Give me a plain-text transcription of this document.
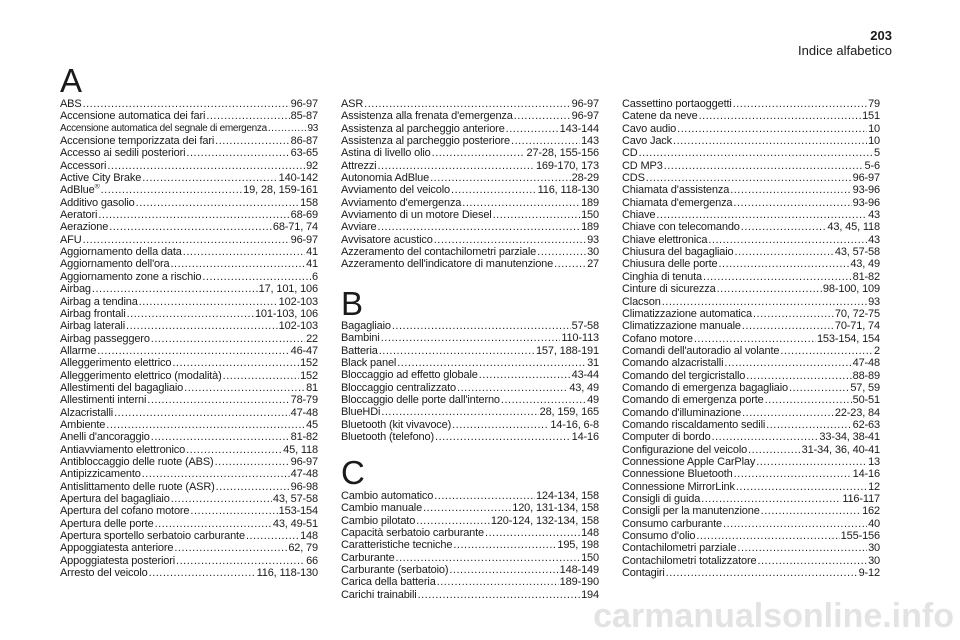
203
Indice alfabetico
A
ABS .....	96-97
Accensione automatica dei fari .....	85-87
Accensione automatica del segnale di emergenza .....	93
Accensione temporizzata dei fari .....	86-87
Accesso ai sedili posteriori .....	63-65
Accessori .....	92
Active City Brake .....	140-142
AdBlue® .....	19, 28, 159-161
Additivo gasolio .....	158
Aeratori .....	68-69
Aerazione .....	68-71, 74
AFU .....	96-97
Aggiornamento della data .....	41
Aggiornamento dell'ora .....	41
Aggiornamento zone a rischio .....	6
Airbag .....	17, 101, 106
Airbag a tendina .....	102-103
Airbag frontali .....	101-103, 106
Airbag laterali .....	102-103
Airbag passeggero .....	22
Allarme .....	46-47
Alleggerimento elettrico .....	152
Alleggerimento elettrico (modalità) .....	152
Allestimenti del bagagliaio .....	81
Allestimenti interni .....	78-79
Alzacristalli .....	47-48
Ambiente .....	45
Anelli d'ancoraggio .....	81-82
Antiavviamento elettronico .....	45, 118
Antibloccaggio delle ruote (ABS) .....	96-97
Antipizzicamento .....	47-48
Antislittamento delle ruote (ASR) .....	96-98
Apertura del bagagliaio .....	43, 57-58
Apertura del cofano motore .....	153-154
Apertura delle porte .....	43, 49-51
Apertura sportello serbatoio carburante .....	148
Appoggiatesta anteriore .....	62, 79
Appoggiatesta posteriori .....	66
Arresto del veicolo .....	116, 118-130
ASR .....	96-97
Assistenza alla frenata d'emergenza .....	96-97
Assistenza al parcheggio anteriore .....	143-144
Assistenza al parcheggio posteriore .....	143
Astina di livello olio .....	27-28, 155-156
Attrezzi .....	169-170, 173
Autonomia AdBlue .....	28-29
Avviamento del veicolo .....	116, 118-130
Avviamento d'emergenza .....	189
Avviamento di un motore Diesel .....	150
Avviare .....	189
Avvisatore acustico .....	93
Azzeramento del contachilometri parziale .....	30
Azzeramento dell'indicatore di manutenzione .....	27
B
Bagagliaio .....	57-58
Bambini .....	110-113
Batteria .....	157, 188-191
Black panel .....	31
Bloccaggio ad effetto globale .....	43-44
Bloccaggio centralizzato .....	43, 49
Bloccaggio delle porte dall'interno .....	49
BlueHDi .....	28, 159, 165
Bluetooth (kit vivavoce) .....	14-16, 6-8
Bluetooth (telefono) .....	14-16
C
Cambio automatico .....	124-134, 158
Cambio manuale .....	120, 131-134, 158
Cambio pilotato .....	120-124, 132-134, 158
Capacità serbatoio carburante .....	148
Caratteristiche tecniche .....	195, 198
Carburante .....	150
Carburante (serbatoio) .....	148-149
Carica della batteria .....	189-190
Carichi trainabili .....	194
Cassettino portaoggetti .....	79
Catene da neve .....	151
Cavo audio .....	10
Cavo Jack .....	10
CD .....	5
CD MP3 .....	5-6
CDS .....	96-97
Chiamata d'assistenza .....	93-96
Chiamata d'emergenza .....	93-96
Chiave .....	43
Chiave con telecomando .....	43, 45, 118
Chiave elettronica .....	43
Chiusura del bagagliaio .....	43, 57-58
Chiusura delle porte .....	43, 49
Cinghia di tenuta .....	81-82
Cinture di sicurezza .....	98-100, 109
Clacson .....	93
Climatizzazione automatica .....	70, 72-75
Climatizzazione manuale .....	70-71, 74
Cofano motore .....	153-154, 154
Comandi dell'autoradio al volante .....	2
Comando alzacristalli .....	47-48
Comando del tergicristallo .....	88-89
Comando di emergenza bagagliaio .....	57, 59
Comando di emergenza porte .....	50-51
Comando d'illuminazione .....	22-23, 84
Comando riscaldamento sedili .....	62-63
Computer di bordo .....	33-34, 38-41
Configurazione del veicolo .....	31-34, 36, 40-41
Connessione Apple CarPlay .....	13
Connessione Bluetooth .....	14-16
Connessione MirrorLink .....	12
Consigli di guida .....	116-117
Consigli per la manutenzione .....	162
Consumo carburante .....	40
Consumo d'olio .....	155-156
Contachilometri parziale .....	30
Contachilometri totalizzatore .....	30
Contagiri .....	9-12
carmanualsonline.info
